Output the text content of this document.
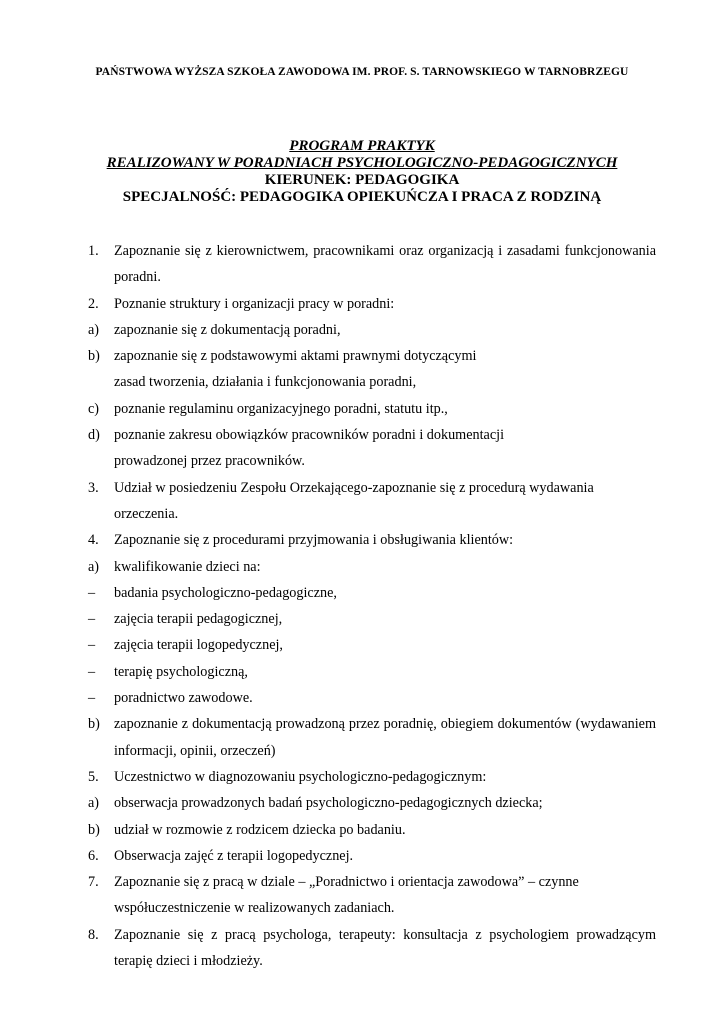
PAŃSTWOWA WYŻSZA SZKOŁA ZAWODOWA IM. PROF. S. TARNOWSKIEGO W TARNOBRZEGU
PROGRAM PRAKTYK
REALIZOWANY W PORADNIACH PSYCHOLOGICZNO-PEDAGOGICZNYCH
KIERUNEK: PEDAGOGIKA
SPECJALNOŚĆ: PEDAGOGIKA OPIEKUŃCZA I PRACA Z RODZINĄ
1. Zapoznanie się z kierownictwem, pracownikami oraz organizacją i zasadami funkcjonowania poradni.
2. Poznanie struktury i organizacji pracy w poradni:
a) zapoznanie się z dokumentacją poradni,
b) zapoznanie się z podstawowymi aktami prawnymi dotyczącymi zasad tworzenia, działania i funkcjonowania poradni,
c) poznanie regulaminu organizacyjnego poradni, statutu itp.,
d) poznanie zakresu obowiązków pracowników poradni i dokumentacji prowadzonej przez pracowników.
3. Udział w posiedzeniu Zespołu Orzekającego-zapoznanie się z procedurą wydawania orzeczenia.
4. Zapoznanie się z procedurami przyjmowania i obsługiwania klientów:
a) kwalifikowanie dzieci na:
– badania psychologiczno-pedagogiczne,
– zajęcia terapii pedagogicznej,
– zajęcia terapii logopedycznej,
– terapię psychologiczną,
– poradnictwo zawodowe.
b) zapoznanie z dokumentacją prowadzoną przez poradnię, obiegiem dokumentów (wydawaniem informacji, opinii, orzeczeń)
5. Uczestnictwo w diagnozowaniu psychologiczno-pedagogicznym:
a) obserwacja prowadzonych badań psychologiczno-pedagogicznych dziecka;
b) udział w rozmowie z rodzicem dziecka po badaniu.
6. Obserwacja zajęć z terapii logopedycznej.
7. Zapoznanie się z pracą w dziale – „Poradnictwo i orientacja zawodowa” – czynne współuczestniczenie w realizowanych zadaniach.
8. Zapoznanie się z pracą psychologa, terapeuty: konsultacja z psychologiem prowadzącym terapię dzieci i młodzieży.
